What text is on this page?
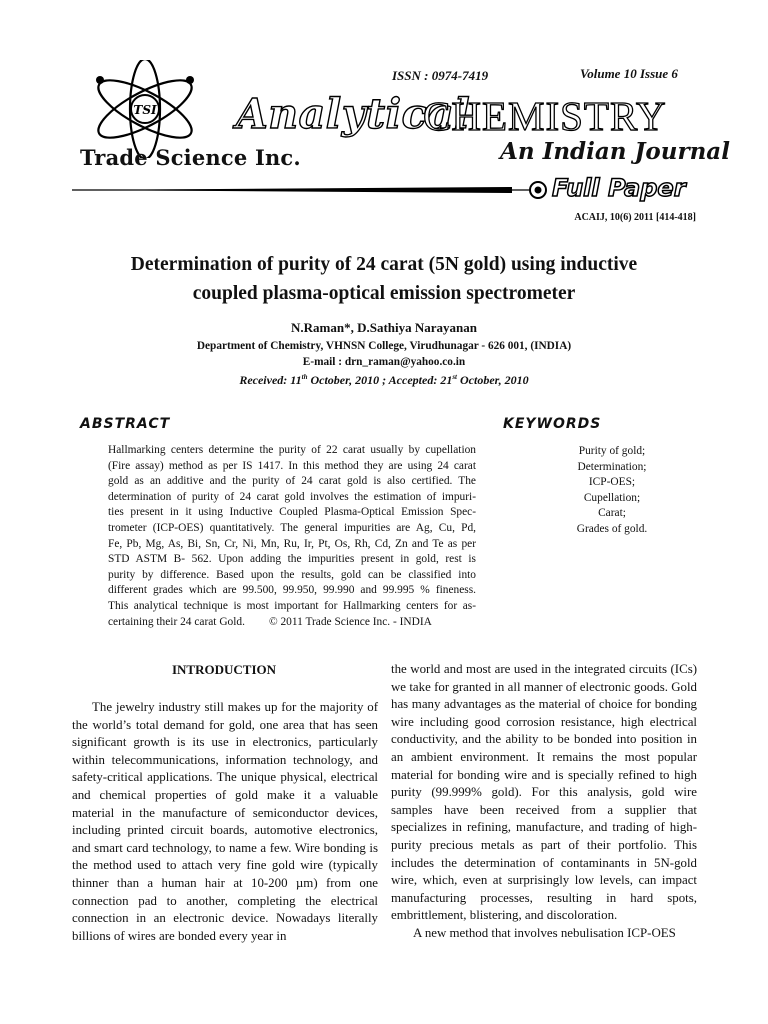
TSI
Trade Science Inc.
ISSN : 0974-7419	Volume 10 Issue 6
Analytical
CHEMISTRY
An Indian Journal
Full Paper
ACAIJ, 10(6) 2011 [414-418]
Determination of purity of 24 carat (5N gold) using inductive
coupled plasma-optical emission spectrometer
N.Raman*, D.Sathiya Narayanan
Department of Chemistry, VHNSN College, Virudhunagar - 626 001, (INDIA)
E-mail : drn_raman@yahoo.co.in
Received: 11th October, 2010 ; Accepted: 21st October, 2010
ABSTRACT	KEYWORDS
Hallmarking centers determine the purity of 22 carat usually by cupellation
(Fire assay) method as per IS 1417. In this method they are using 24 carat
gold as an additive and the purity of 24 carat gold is also certified. The
determination of purity of 24 carat gold involves the estimation of impuri-
ties present in it using Inductive Coupled Plasma-Optical Emission Spec-
trometer (ICP-OES) quantitatively. The general impurities are Ag, Cu, Pd,
Fe, Pb, Mg, As, Bi, Sn, Cr, Ni, Mn, Ru, Ir, Pt, Os, Rh, Cd, Zn and Te as per
STD ASTM B- 562. Upon adding the impurities present in gold, rest is
purity by difference. Based upon the results, gold can be classified into
different grades which are 99.500, 99.950, 99.990 and 99.995 % fineness.
This analytical technique is most important for Hallmarking centers for as-
certaining their 24 carat Gold. © 2011 Trade Science Inc. - INDIA
Purity of gold;
Determination;
ICP-OES;
Cupellation;
Carat;
Grades of gold.
INTRODUCTION

The jewelry industry still makes up for the majority of the world’s total demand for gold, one area that has seen significant growth is its use in electronics, particularly within telecommunications, information technology, and safety-critical applications. The unique physical, electrical and chemical properties of gold make it a valuable material in the manufacture of semiconductor devices, including printed circuit boards, automotive electronics, and smart card technology, to name a few. Wire bonding is the method used to attach very fine gold wire (typically thinner than a human hair at 10-200 µm) from one connection pad to another, completing the electrical connection in an electronic device. Nowadays literally billions of wires are bonded every year in

the world and most are used in the integrated circuits (ICs) we take for granted in all manner of electronic goods. Gold has many advantages as the material of choice for bonding wire including good corrosion resistance, high electrical conductivity, and the ability to be bonded into position in an ambient environment. It remains the most popular material for bonding wire and is specially refined to high purity (99.999% gold). For this analysis, gold wire samples have been received from a supplier that specializes in refining, manufacture, and trading of high-purity precious metals as part of their portfolio. This includes the determination of contaminants in 5N-gold wire, which, even at surprisingly low levels, can impact manufacturing processes, resulting in hard spots, embrittlement, blistering, and discoloration.

A new method that involves nebulisation ICP-OES
